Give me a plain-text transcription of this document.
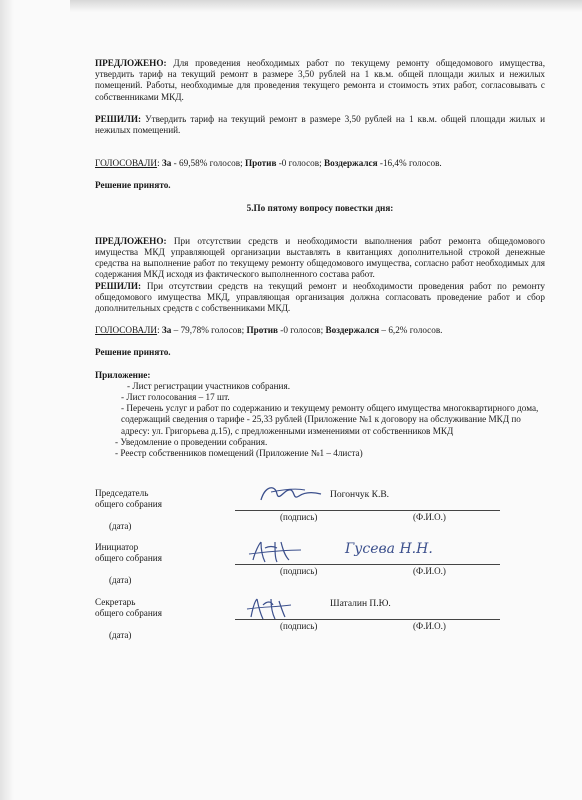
ПРЕДЛОЖЕНО: Для проведения необходимых работ по текущему ремонту общедомового имущества, утвердить тариф на текущий ремонт в размере 3,50 рублей на 1 кв.м. общей площади жилых и нежилых помещений. Работы, необходимые для проведения текущего ремонта и стоимость этих работ, согласовывать с собственниками МКД.

РЕШИЛИ: Утвердить тариф на текущий ремонт в размере 3,50 рублей на 1 кв.м. общей площади жилых и нежилых помещений.

ГОЛОСОВАЛИ: За - 69,58% голосов; Против -0 голосов; Воздержался -16,4% голосов.

Решение принято.

5.По пятому вопросу повестки дня:

ПРЕДЛОЖЕНО: При отсутствии средств и необходимости выполнения работ ремонта общедомового имущества МКД управляющей организации выставлять в квитанциях дополнительной строкой денежные средства на выполнение работ по текущему ремонту общедомового имущества, согласно работ необходимых для содержания МКД исходя из фактического выполненного состава работ.

РЕШИЛИ: При отсутствии средств на текущий ремонт и необходимости проведения работ по ремонту общедомового имущества МКД, управляющая организация должна согласовать проведение работ и сбор дополнительных средств с собственниками МКД.

ГОЛОСОВАЛИ: За – 79,78% голосов; Против -0 голосов; Воздержался – 6,2% голосов.

Решение принято.

Приложение:

- Лист регистрации участников собрания.

- Лист голосования – 17 шт.

- Перечень услуг и работ по содержанию и текущему ремонту общего имущества многоквартирного дома, содержащий сведения о тарифе - 25,33 рублей (Приложение №1 к договору на обслуживание МКД по адресу: ул. Григорьева д.15), с предложенными изменениями от собственников МКД

- Уведомление о проведении собрания.

- Реестр собственников помещений (Приложение №1 – 4листа)

Председатель
общего собрания
(подпись)
Погончук К.В.
(Ф.И.О.)
(дата)
Инициатор
общего собрания
(подпись)
Гусева Н.Н.
(Ф.И.О.)
(дата)
Секретарь
общего собрания
(подпись)
Шаталин П.Ю.
(Ф.И.О.)
(дата)
